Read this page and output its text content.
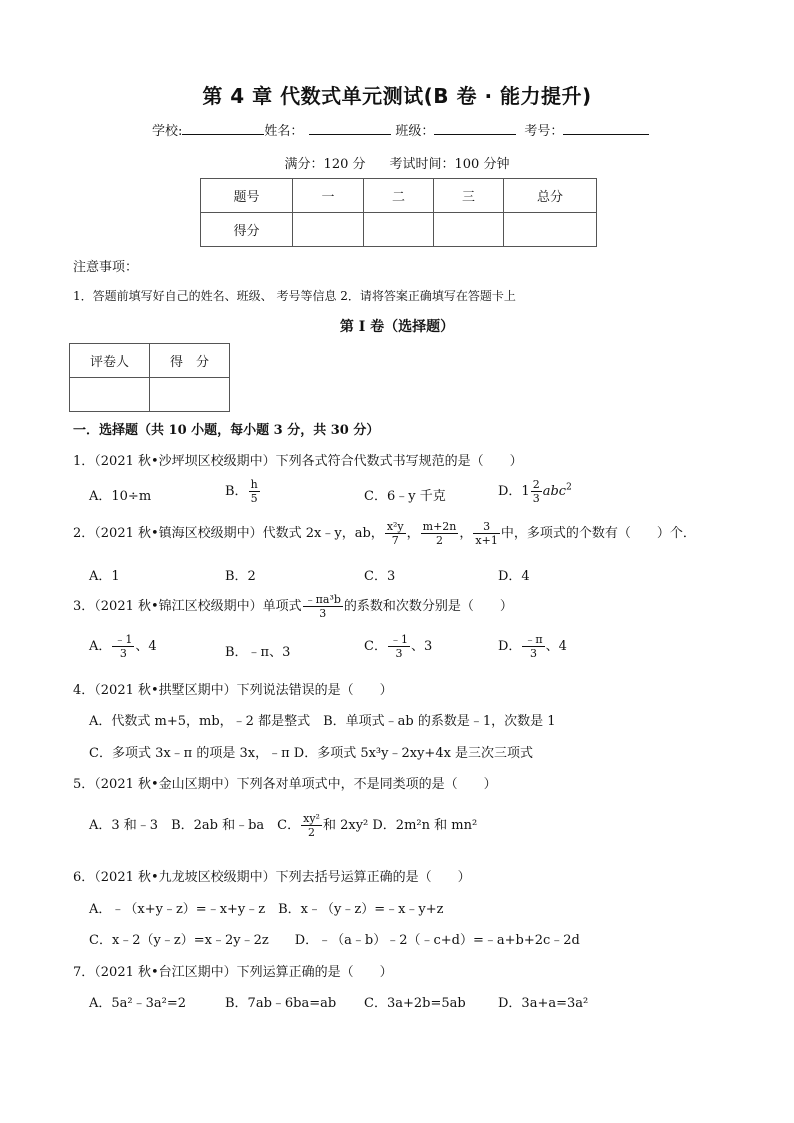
第 4 章 代数式单元测试(B 卷 · 能力提升)
学校:	姓名：	班级：	考号：
满分：120 分 考试时间：100 分钟
题号	一	二	三	总分
得分				
注意事项：
1．答题前填写好自己的姓名、班级、 考号等信息 2．请将答案正确填写在答题卡上
第 I 卷（选择题）
评卷人	得　分

一．选择题（共 10 小题，每小题 3 分，共 30 分）
1．（2021 秋•沙坪坝区校级期中）下列各式符合代数式书写规范的是（　　）
A．10÷m	B． $\frac{h}{5}$	C．6﹣y 千克	D．$1 \frac{2}{3} abc^2$
2．（2021 秋•镇海区校级期中）代数式 2x﹣y，ab， $\frac{\text{x²y}}{7}$ ， $\frac{m+2n}{2}$ ， $\frac{3}{x+1}$ 中，多项式的个数有（　　）个．
A．1	B．2	C．3	D．4
3．（2021 秋•锦江区校级期中）单项式 $\frac{\text{﹣πa³b}}{3}$ 的系数和次数分别是（　　）
A． $\frac{﹣1}{3}$ 、4	B．﹣π、3	C． $\frac{﹣1}{3}$ 、3	D． $\frac{﹣\pi}{3}$ 、4
4．（2021 秋•拱墅区期中）下列说法错误的是（　　）
A．代数式 m+5，mb，﹣2 都是整式　B．单项式﹣ab 的系数是﹣1，次数是 1
C．多项式 3x﹣π 的项是 3x，﹣π D．多项式 5x³y﹣2xy+4x 是三次三项式
5．（2021 秋•金山区期中）下列各对单项式中，不是同类项的是（　　）
A．3 和﹣3　B．2ab 和﹣ba　C． $\frac{\text{xy²}}{2}$ 和 2xy² D．2m²n 和 mn²
6．（2021 秋•九龙坡区校级期中）下列去括号运算正确的是（　　）
A．﹣（x+y﹣z）=﹣x+y﹣z　B．x﹣（y﹣z）=﹣x﹣y+z
C．x﹣2（y﹣z）=x﹣2y﹣2z　　D．﹣（a﹣b）﹣2（﹣c+d）=﹣a+b+2c﹣2d
7．（2021 秋•台江区期中）下列运算正确的是（　　）
A．5a²﹣3a²=2	B．7ab﹣6ba=ab C．3a+2b=5ab D．3a+a=3a²
